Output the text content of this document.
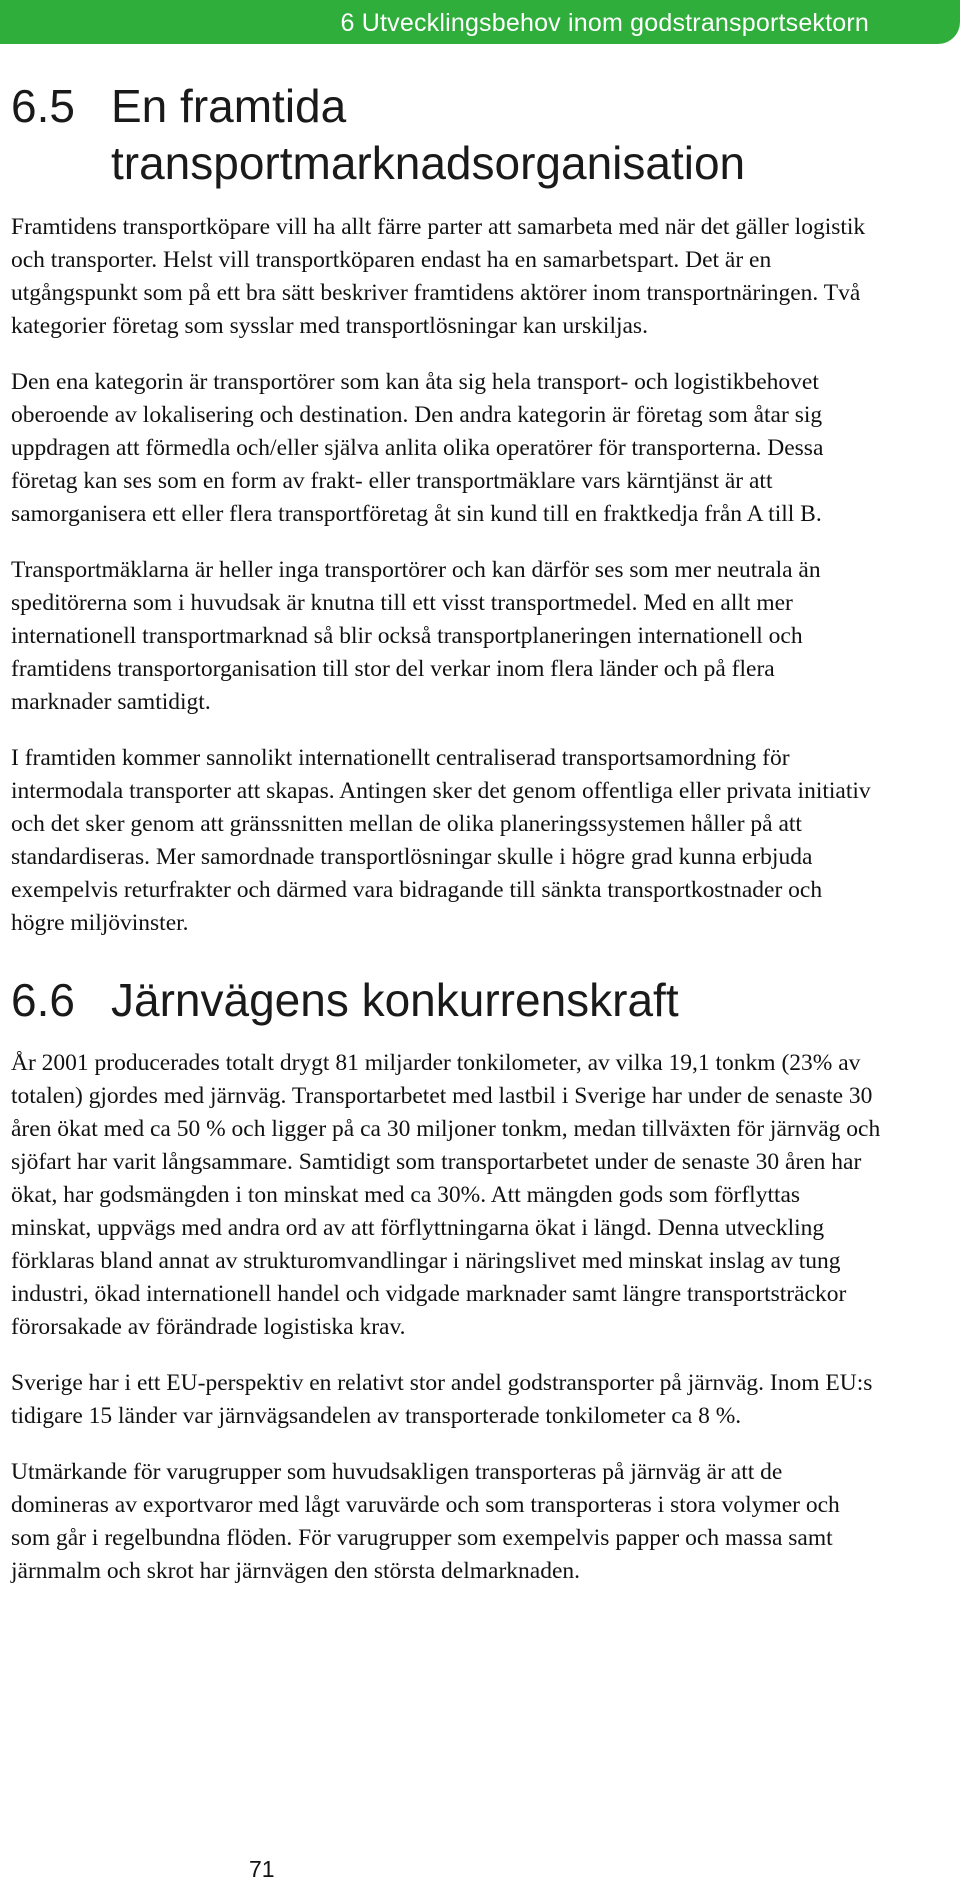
6 Utvecklingsbehov inom godstransportsektorn
6.5 En framtida transportmarknadsorganisation

Framtidens transportköpare vill ha allt färre parter att samarbeta med när det gäller logistik och transporter. Helst vill transportköparen endast ha en samarbetspart. Det är en utgångspunkt som på ett bra sätt beskriver framtidens aktörer inom transportnäringen. Två kategorier företag som sysslar med transportlösningar kan urskiljas.

Den ena kategorin är transportörer som kan åta sig hela transport- och logistikbehovet oberoende av lokalisering och destination. Den andra kategorin är företag som åtar sig uppdragen att förmedla och/eller själva anlita olika operatörer för transporterna. Dessa företag kan ses som en form av frakt- eller transportmäklare vars kärntjänst är att samorganisera ett eller flera transportföretag åt sin kund till en fraktkedja från A till B.

Transportmäklarna är heller inga transportörer och kan därför ses som mer neutrala än speditörerna som i huvudsak är knutna till ett visst transportmedel. Med en allt mer internationell transportmarknad så blir också transportplaneringen internationell och framtidens transportorganisation till stor del verkar inom flera länder och på flera marknader samtidigt.

I framtiden kommer sannolikt internationellt centraliserad transportsamordning för intermodala transporter att skapas. Antingen sker det genom offentliga eller privata initiativ och det sker genom att gränssnitten mellan de olika planeringssystemen håller på att standardiseras. Mer samordnade transportlösningar skulle i högre grad kunna erbjuda exempelvis returfrakter och därmed vara bidragande till sänkta transportkostnader och högre miljövinster.

6.6 Järnvägens konkurrenskraft

År 2001 producerades totalt drygt 81 miljarder tonkilometer, av vilka 19,1 tonkm (23% av totalen) gjordes med järnväg. Transportarbetet med lastbil i Sverige har under de senaste 30 åren ökat med ca 50 % och ligger på ca 30 miljoner tonkm, medan tillväxten för järnväg och sjöfart har varit långsammare. Samtidigt som transportarbetet under de senaste 30 åren har ökat, har godsmängden i ton minskat med ca 30%. Att mängden gods som förflyttas minskat, uppvägs med andra ord av att förflyttningarna ökat i längd. Denna utveckling förklaras bland annat av strukturomvandlingar i näringslivet med minskat inslag av tung industri, ökad internationell handel och vidgade marknader samt längre transportsträckor förorsakade av förändrade logistiska krav.

Sverige har i ett EU-perspektiv en relativt stor andel godstransporter på järnväg. Inom EU:s tidigare 15 länder var järnvägsandelen av transporterade tonkilometer ca 8 %.

Utmärkande för varugrupper som huvudsakligen transporteras på järnväg är att de domineras av exportvaror med lågt varuvärde och som transporteras i stora volymer och som går i regelbundna flöden. För varugrupper som exempelvis papper och massa samt järnmalm och skrot har järnvägen den största delmarknaden.

71
